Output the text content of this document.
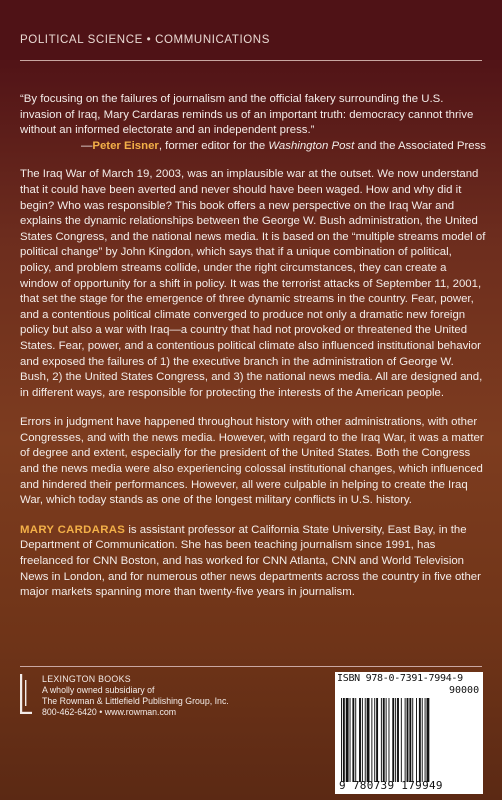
POLITICAL SCIENCE • COMMUNICATIONS

“By focusing on the failures of journalism and the official fakery surrounding the U.S. invasion of Iraq, Mary Cardaras reminds us of an important truth: democracy cannot thrive without an informed electorate and an independent press.”

—Peter Eisner, former editor for the Washington Post and the Associated Press

The Iraq War of March 19, 2003, was an implausible war at the outset. We now understand that it could have been averted and never should have been waged. How and why did it begin? Who was responsible? This book offers a new perspective on the Iraq War and explains the dynamic relationships between the George W. Bush administration, the United States Congress, and the national news media. It is based on the “multiple streams model of political change” by John Kingdon, which says that if a unique combination of political, policy, and problem streams collide, under the right circumstances, they can create a window of opportunity for a shift in policy. It was the terrorist attacks of September 11, 2001, that set the stage for the emergence of three dynamic streams in the country. Fear, power, and a contentious political climate converged to produce not only a dramatic new foreign policy but also a war with Iraq—a country that had not provoked or threatened the United States. Fear, power, and a contentious political climate also influenced institutional behavior and exposed the failures of 1) the executive branch in the administration of George W. Bush, 2) the United States Congress, and 3) the national news media. All are designed and, in different ways, are responsible for protecting the interests of the American people.

Errors in judgment have happened throughout history with other administrations, with other Congresses, and with the news media. However, with regard to the Iraq War, it was a matter of degree and extent, especially for the president of the United States. Both the Congress and the news media were also experiencing colossal institutional changes, which influenced and hindered their performances. However, all were culpable in helping to create the Iraq War, which today stands as one of the longest military conflicts in U.S. history.

MARY CARDARAS is assistant professor at California State University, East Bay, in the Department of Communication. She has been teaching journalism since 1991, has freelanced for CNN Boston, and has worked for CNN Atlanta, CNN and World Television News in London, and for numerous other news departments across the country in five other major markets spanning more than twenty-five years in journalism.

LEXINGTON BOOKS
A wholly owned subsidiary of
The Rowman & Littlefield Publishing Group, Inc.
800-462-6420 • www.rowman.com
ISBN 978-0-7391-7994-9
90000
9 780739 179949
